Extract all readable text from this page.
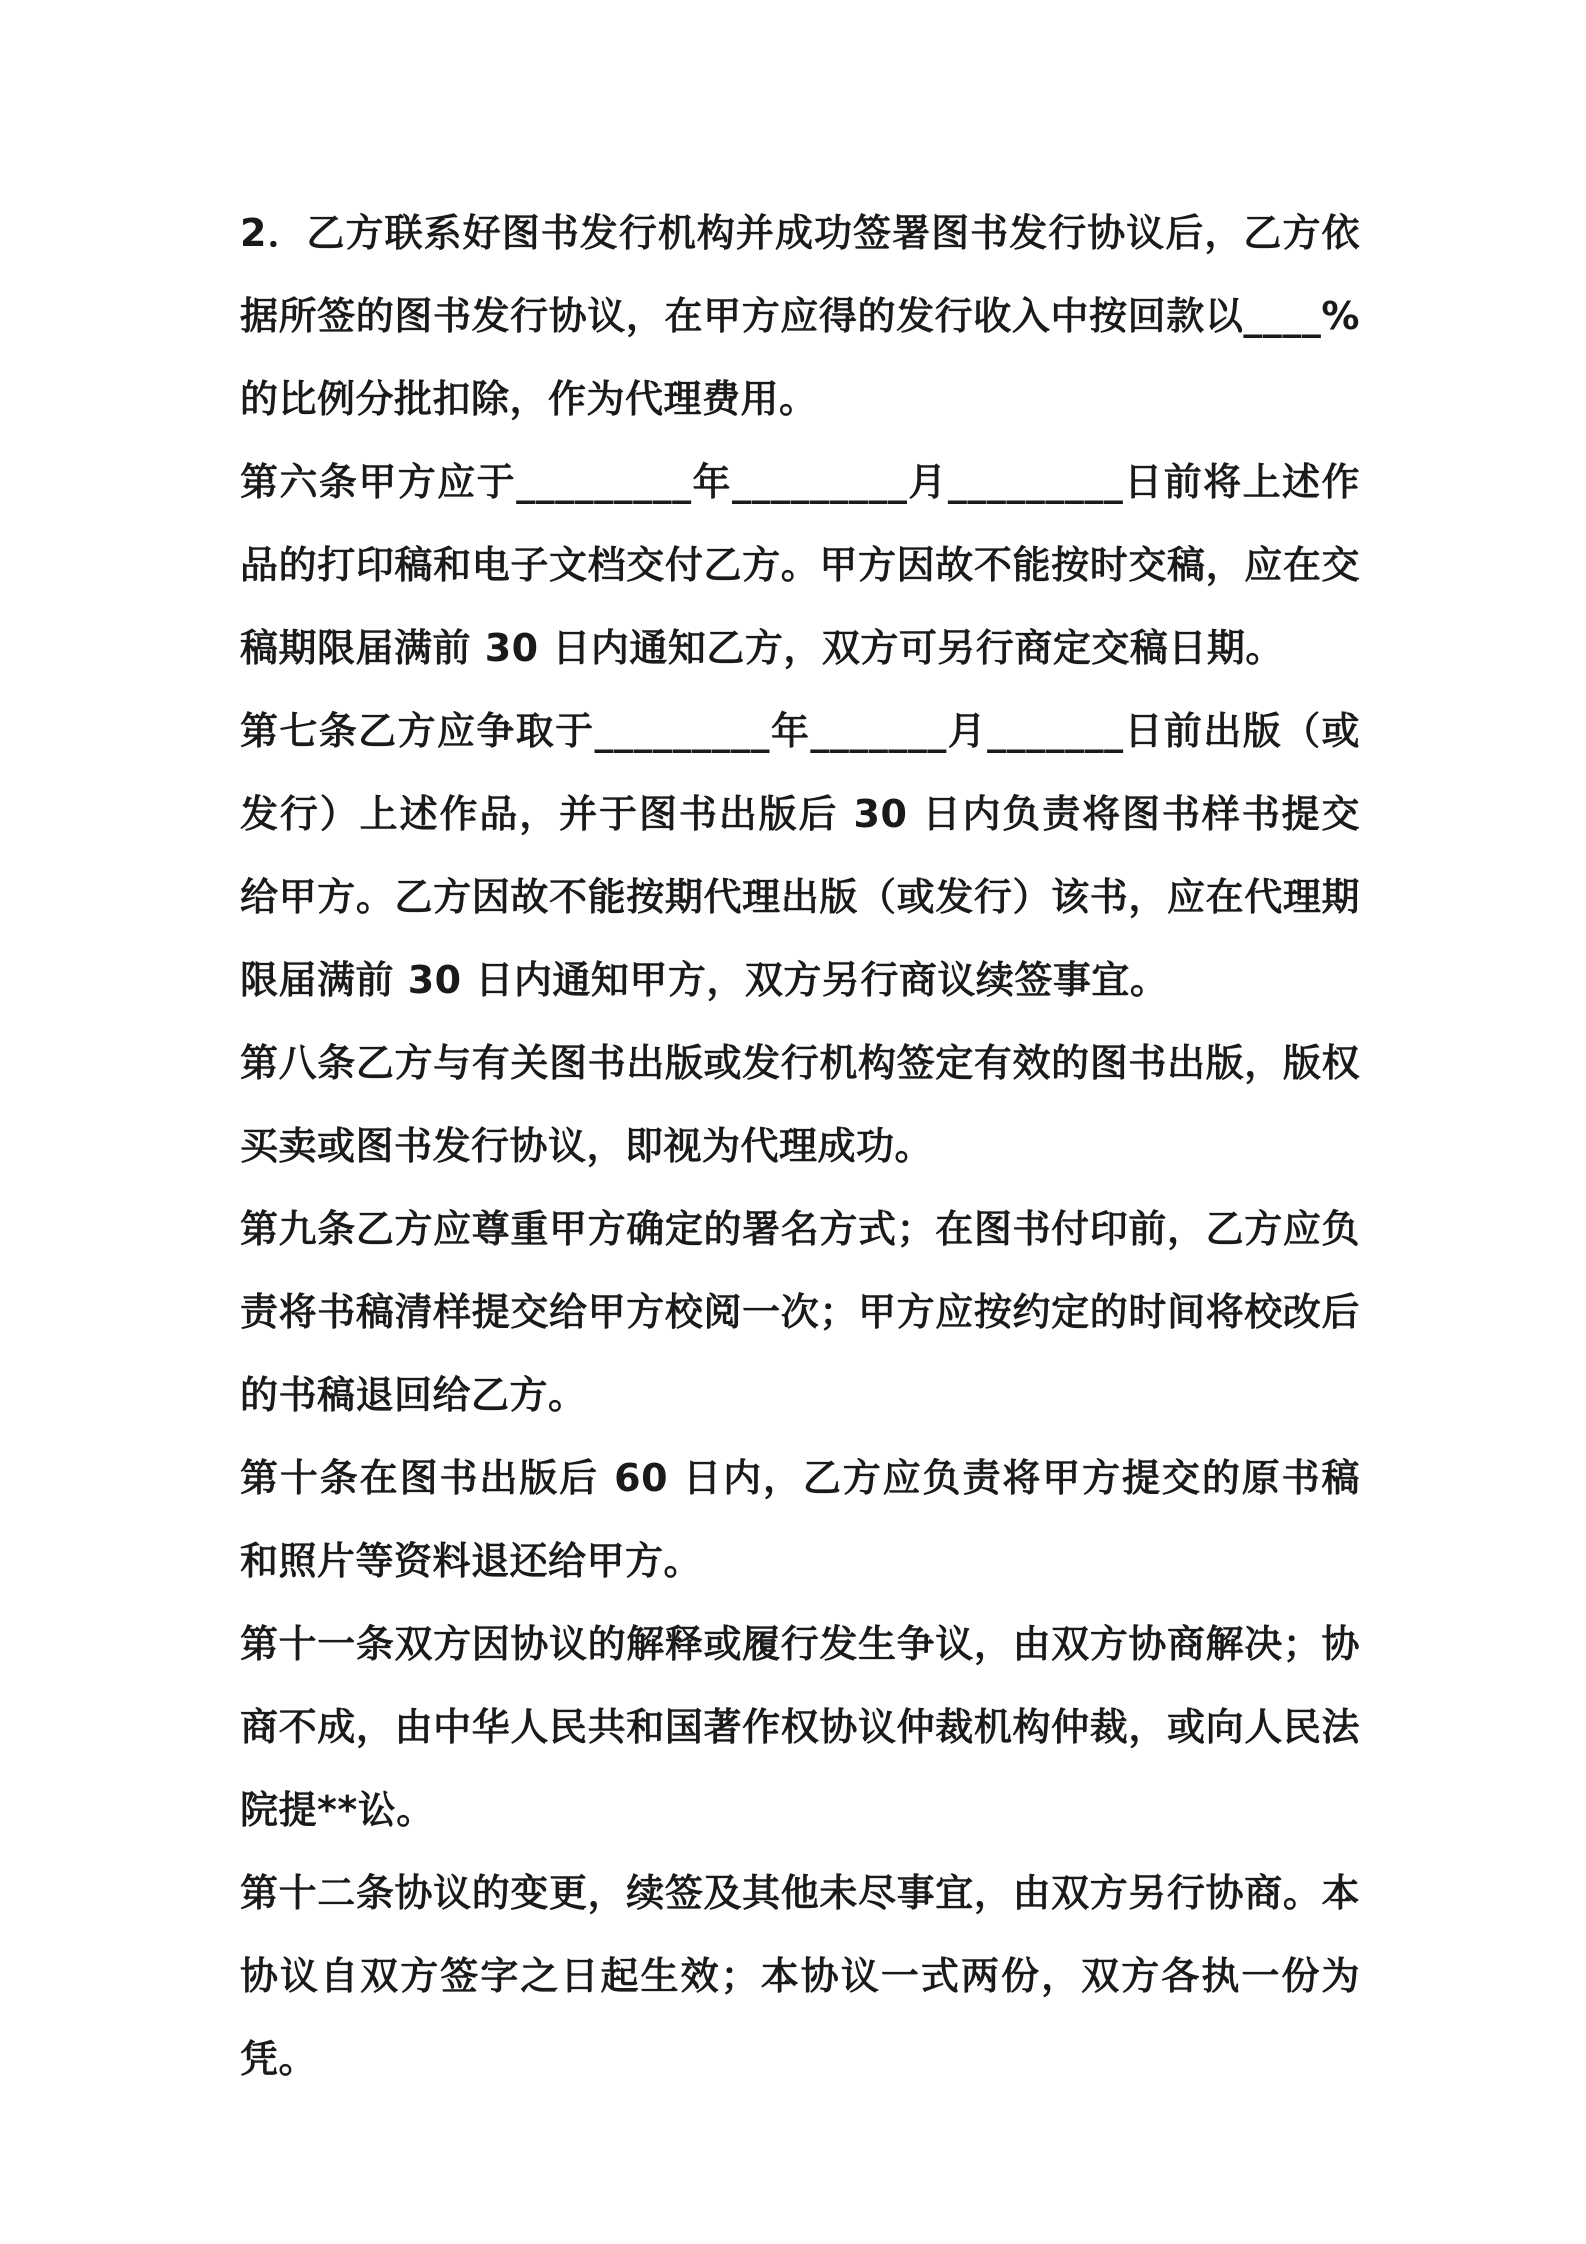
2．乙方联系好图书发行机构并成功签署图书发行协议后，乙方依据所签的图书发行协议，在甲方应得的发行收入中按回款以____%的比例分批扣除，作为代理费用。

第六条甲方应于_________年_________月_________日前将上述作品的打印稿和电子文档交付乙方。甲方因故不能按时交稿，应在交稿期限届满前 30 日内通知乙方，双方可另行商定交稿日期。

第七条乙方应争取于_________年_______月_______日前出版（或发行）上述作品，并于图书出版后 30 日内负责将图书样书提交给甲方。乙方因故不能按期代理出版（或发行）该书，应在代理期限届满前 30 日内通知甲方，双方另行商议续签事宜。

第八条乙方与有关图书出版或发行机构签定有效的图书出版，版权买卖或图书发行协议，即视为代理成功。

第九条乙方应尊重甲方确定的署名方式；在图书付印前，乙方应负责将书稿清样提交给甲方校阅一次；甲方应按约定的时间将校改后的书稿退回给乙方。

第十条在图书出版后 60 日内，乙方应负责将甲方提交的原书稿和照片等资料退还给甲方。

第十一条双方因协议的解释或履行发生争议，由双方协商解决；协商不成，由中华人民共和国著作权协议仲裁机构仲裁，或向人民法院提**讼。

第十二条协议的变更，续签及其他未尽事宜，由双方另行协商。本协议自双方签字之日起生效；本协议一式两份，双方各执一份为凭。
